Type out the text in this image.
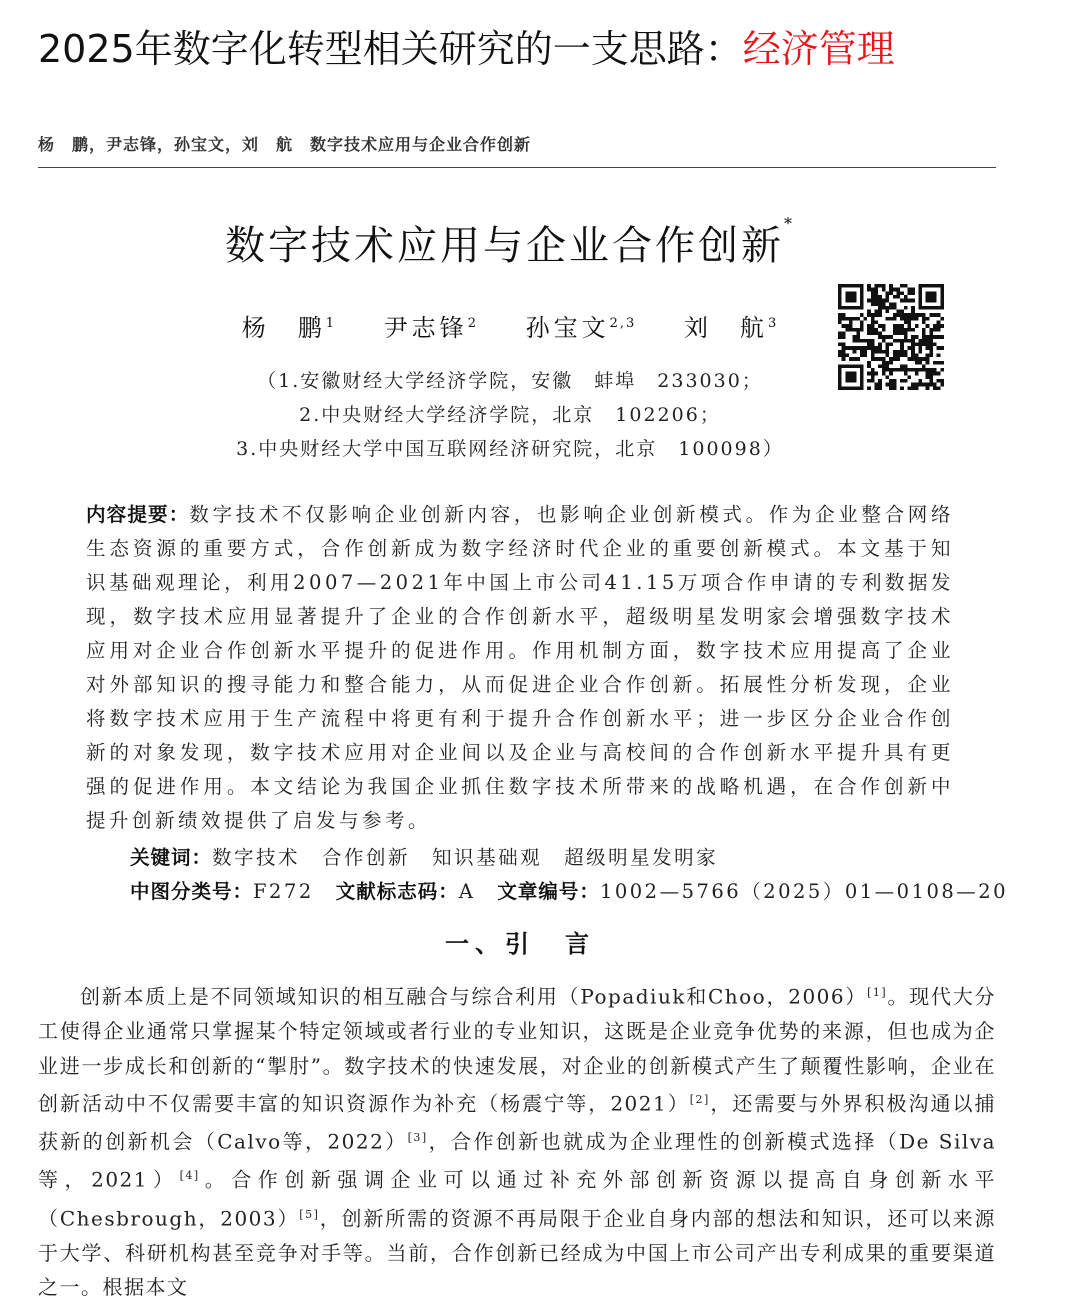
2025年数字化转型相关研究的一支思路：经济管理
杨　鹏，尹志锋，孙宝文，刘　航　数字技术应用与企业合作创新
数字技术应用与企业合作创新*
杨　鹏$^1$ 尹志锋$^2$ 孙宝文$^{2,3}$ 刘　航$^3$
（1.安徽财经大学经济学院，安徽　蚌埠　233030；
2.中央财经大学经济学院，北京　102206；
3.中央财经大学中国互联网经济研究院，北京　100098）
内容提要：数字技术不仅影响企业创新内容，也影响企业创新模式。作为企业整合网络生态资源的重要方式，合作创新成为数字经济时代企业的重要创新模式。本文基于知识基础观理论，利用2007—2021年中国上市公司41.15万项合作申请的专利数据发现，数字技术应用显著提升了企业的合作创新水平，超级明星发明家会增强数字技术应用对企业合作创新水平提升的促进作用。作用机制方面，数字技术应用提高了企业对外部知识的搜寻能力和整合能力，从而促进企业合作创新。拓展性分析发现，企业将数字技术应用于生产流程中将更有利于提升合作创新水平；进一步区分企业合作创新的对象发现，数字技术应用对企业间以及企业与高校间的合作创新水平提升具有更强的促进作用。本文结论为我国企业抓住数字技术所带来的战略机遇，在合作创新中提升创新绩效提供了启发与参考。
关键词：数字技术 合作创新 知识基础观 超级明星发明家
中图分类号：F272 文献标志码：A 文章编号：1002—5766（2025）01—0108—20
一、引　言
创新本质上是不同领域知识的相互融合与综合利用（Popadiuk和Choo，2006）[1]。现代大分工使得企业通常只掌握某个特定领域或者行业的专业知识，这既是企业竞争优势的来源，但也成为企业进一步成长和创新的“掣肘”。数字技术的快速发展，对企业的创新模式产生了颠覆性影响，企业在创新活动中不仅需要丰富的知识资源作为补充（杨震宁等，2021）[2]，还需要与外界积极沟通以捕获新的创新机会（Calvo等，2022）[3]，合作创新也就成为企业理性的创新模式选择（De Silva等，2021）[4]。合作创新强调企业可以通过补充外部创新资源以提高自身创新水平（Chesbrough，2003）[5]，创新所需的资源不再局限于企业自身内部的想法和知识，还可以来源于大学、科研机构甚至竞争对手等。当前，合作创新已经成为中国上市公司产出专利成果的重要渠道之一。根据本文
